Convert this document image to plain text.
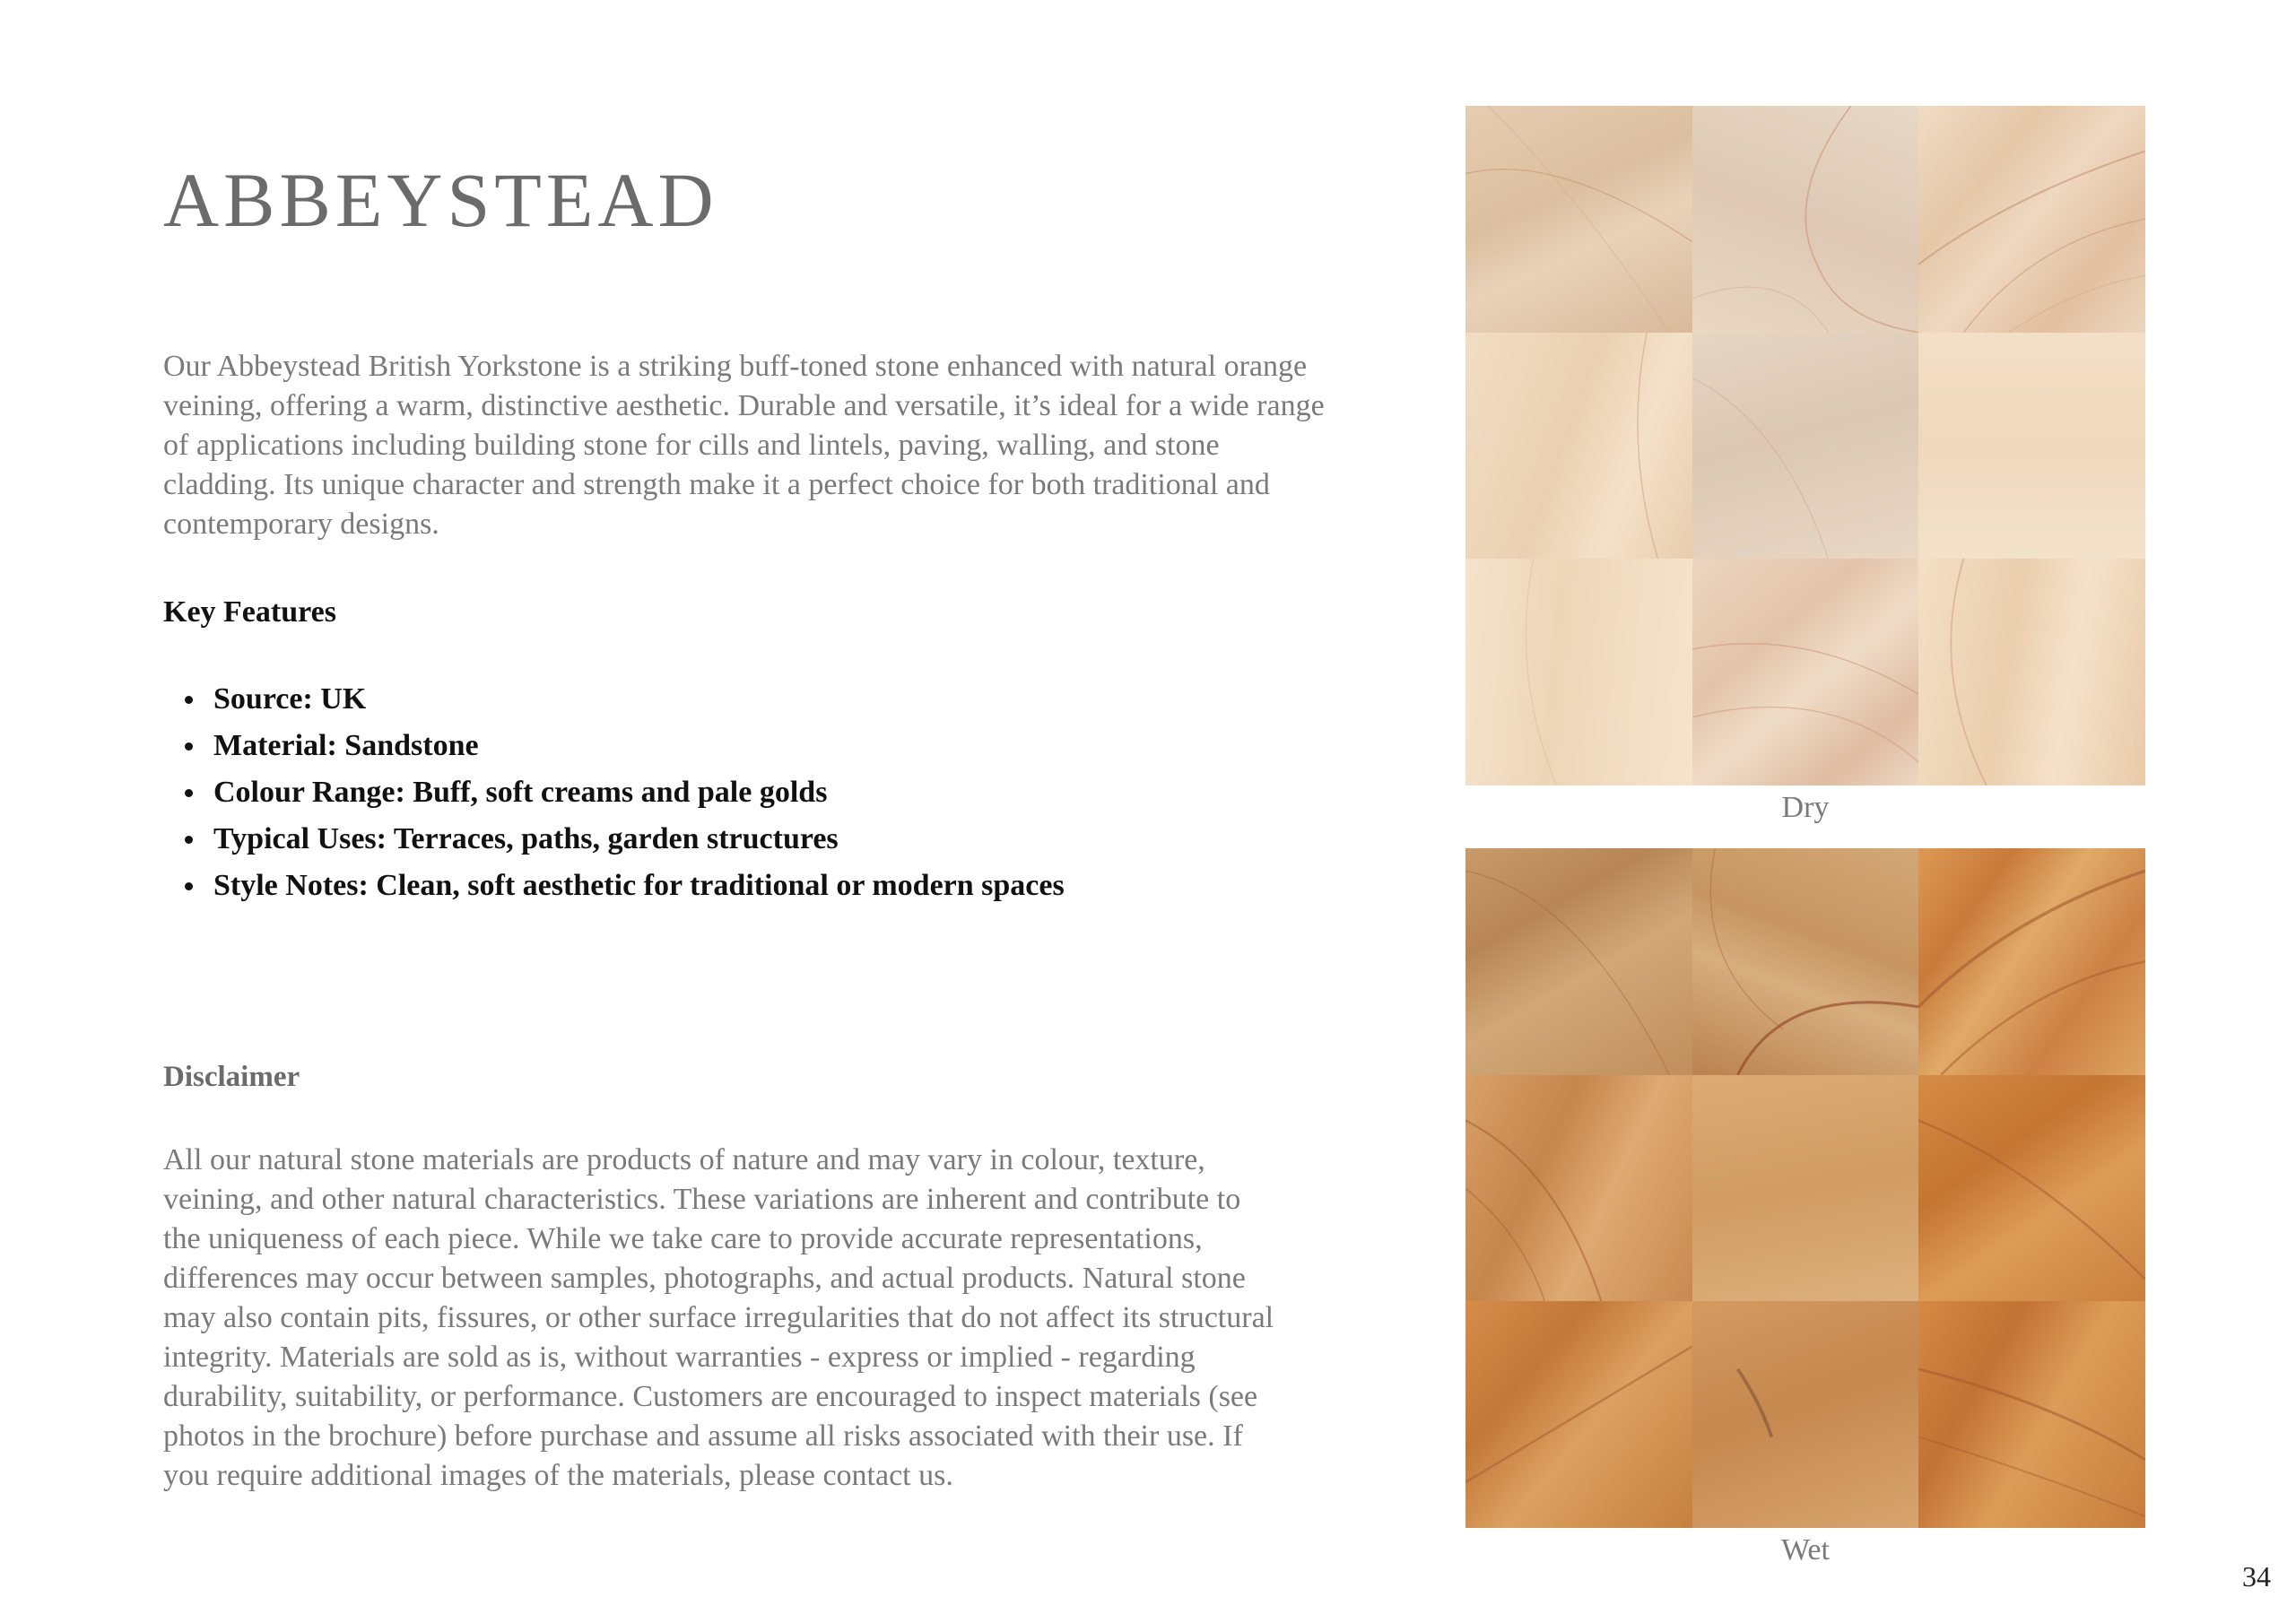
ABBEYSTEAD

Our Abbeystead British Yorkstone is a striking buff-toned stone enhanced with natural orange veining, offering a warm, distinctive aesthetic. Durable and versatile, it’s ideal for a wide range of applications including building stone for cills and lintels, paving, walling, and stone cladding. Its unique character and strength make it a perfect choice for both traditional and contemporary designs.

Key Features
Source: UK
Material: Sandstone
Colour Range: Buff, soft creams and pale golds
Typical Uses: Terraces, paths, garden structures
Style Notes: Clean, soft aesthetic for traditional or modern spaces
Disclaimer

All our natural stone materials are products of nature and may vary in colour, texture, veining, and other natural characteristics. These variations are inherent and contribute to the uniqueness of each piece. While we take care to provide accurate representations, differences may occur between samples, photographs, and actual products. Natural stone may also contain pits, fissures, or other surface irregularities that do not affect its structural integrity. Materials are sold as is, without warranties - express or implied - regarding durability, suitability, or performance. Customers are encouraged to inspect materials (see photos in the brochure) before purchase and assume all risks associated with their use. If you require additional images of the materials, please contact us.

Dry
Wet
34
